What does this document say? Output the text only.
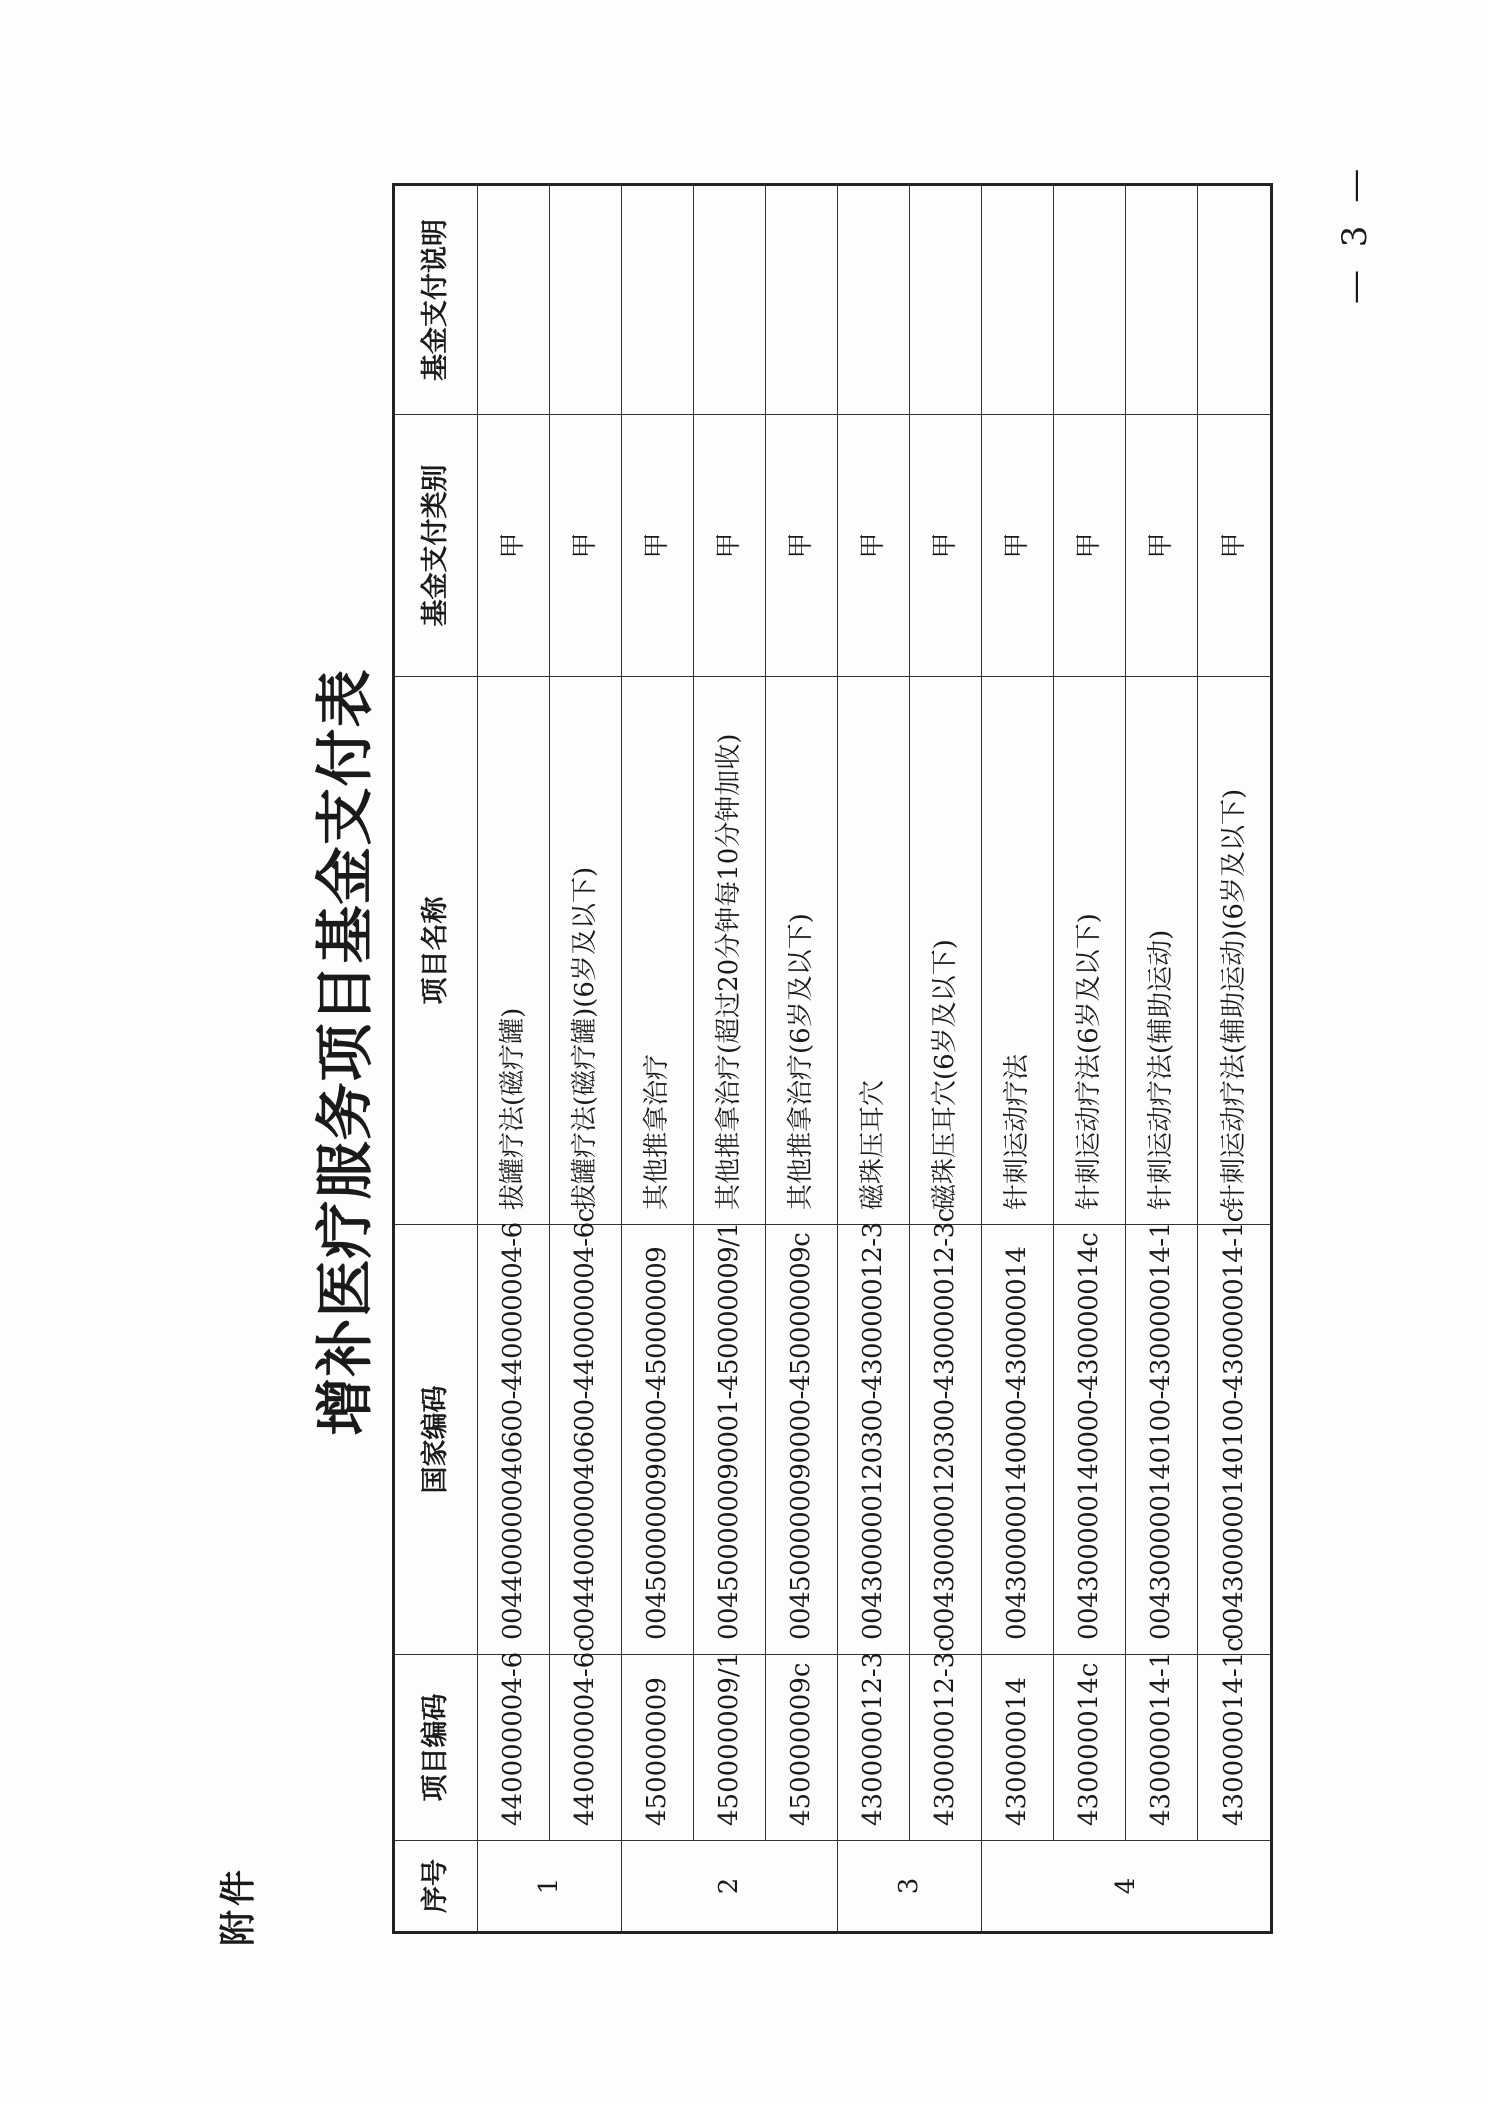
附件
增补医疗服务项目基金支付表
序号	项目编码	国家编码	项目名称	基金支付类别	基金支付说明
1	440000004-6	004400000040600-440000004-6	拔罐疗法(磁疗罐)	甲	
	440000004-6c	004400000040600-440000004-6c	拔罐疗法(磁疗罐)(6岁及以下)	甲	
2	450000009	004500000090000-450000009	其他推拿治疗	甲	
	450000009/1	004500000090001-450000009/1	其他推拿治疗(超过20分钟每10分钟加收)	甲	
	450000009c	004500000090000-450000009c	其他推拿治疗(6岁及以下)	甲	
3	430000012-3	004300000120300-430000012-3	磁珠压耳穴	甲	
	430000012-3c	004300000120300-430000012-3c	磁珠压耳穴(6岁及以下)	甲	
4	430000014	004300000140000-430000014	针刺运动疗法	甲	
	430000014c	004300000140000-430000014c	针刺运动疗法(6岁及以下)	甲	
	430000014-1	004300000140100-430000014-1	针刺运动疗法(辅助运动)	甲	
	430000014-1c	004300000140100-430000014-1c	针刺运动疗法(辅助运动)(6岁及以下)	甲	
— 3 —
